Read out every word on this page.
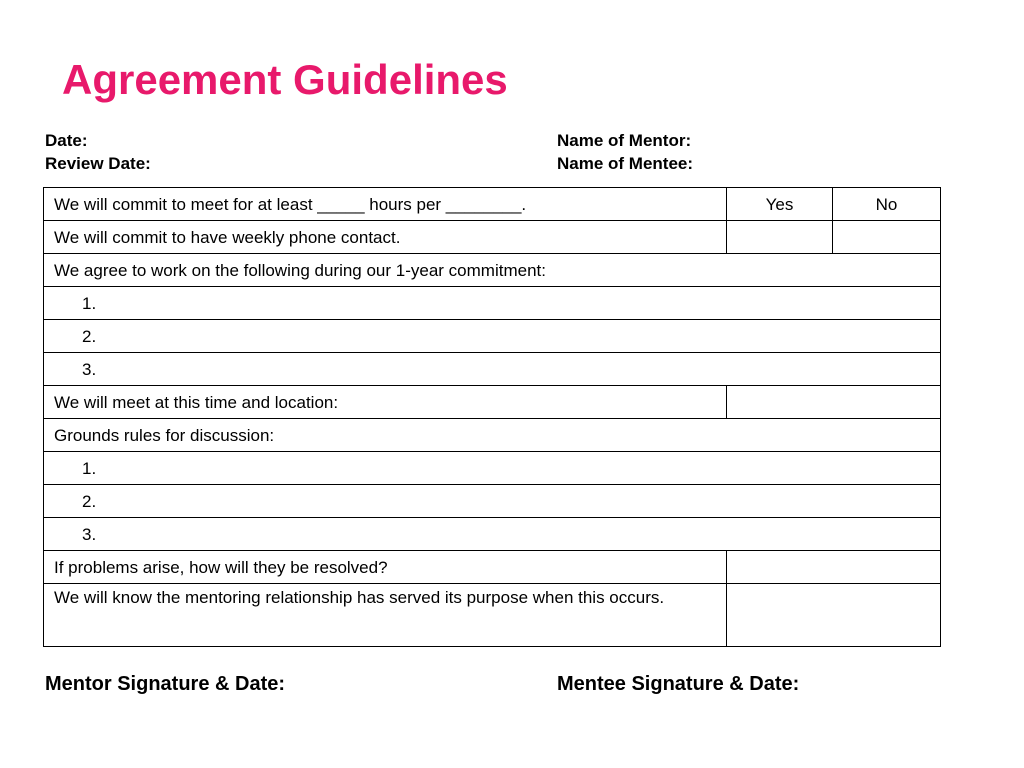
Agreement Guidelines
Date:
Review Date:
Name of Mentor:
Name of Mentee:
We will commit to meet for at least _____ hours per ________.	Yes	No
We will commit to have weekly phone contact.		
We agree to work on the following during our 1-year commitment:		
1.		
2.		
3.		
We will meet at this time and location:		
Grounds rules for discussion:		
1.		
2.		
3.		
If problems arise, how will they be resolved?		
We will know the mentoring relationship has served its purpose when this occurs.		
Mentor Signature & Date:	Mentee Signature & Date:
